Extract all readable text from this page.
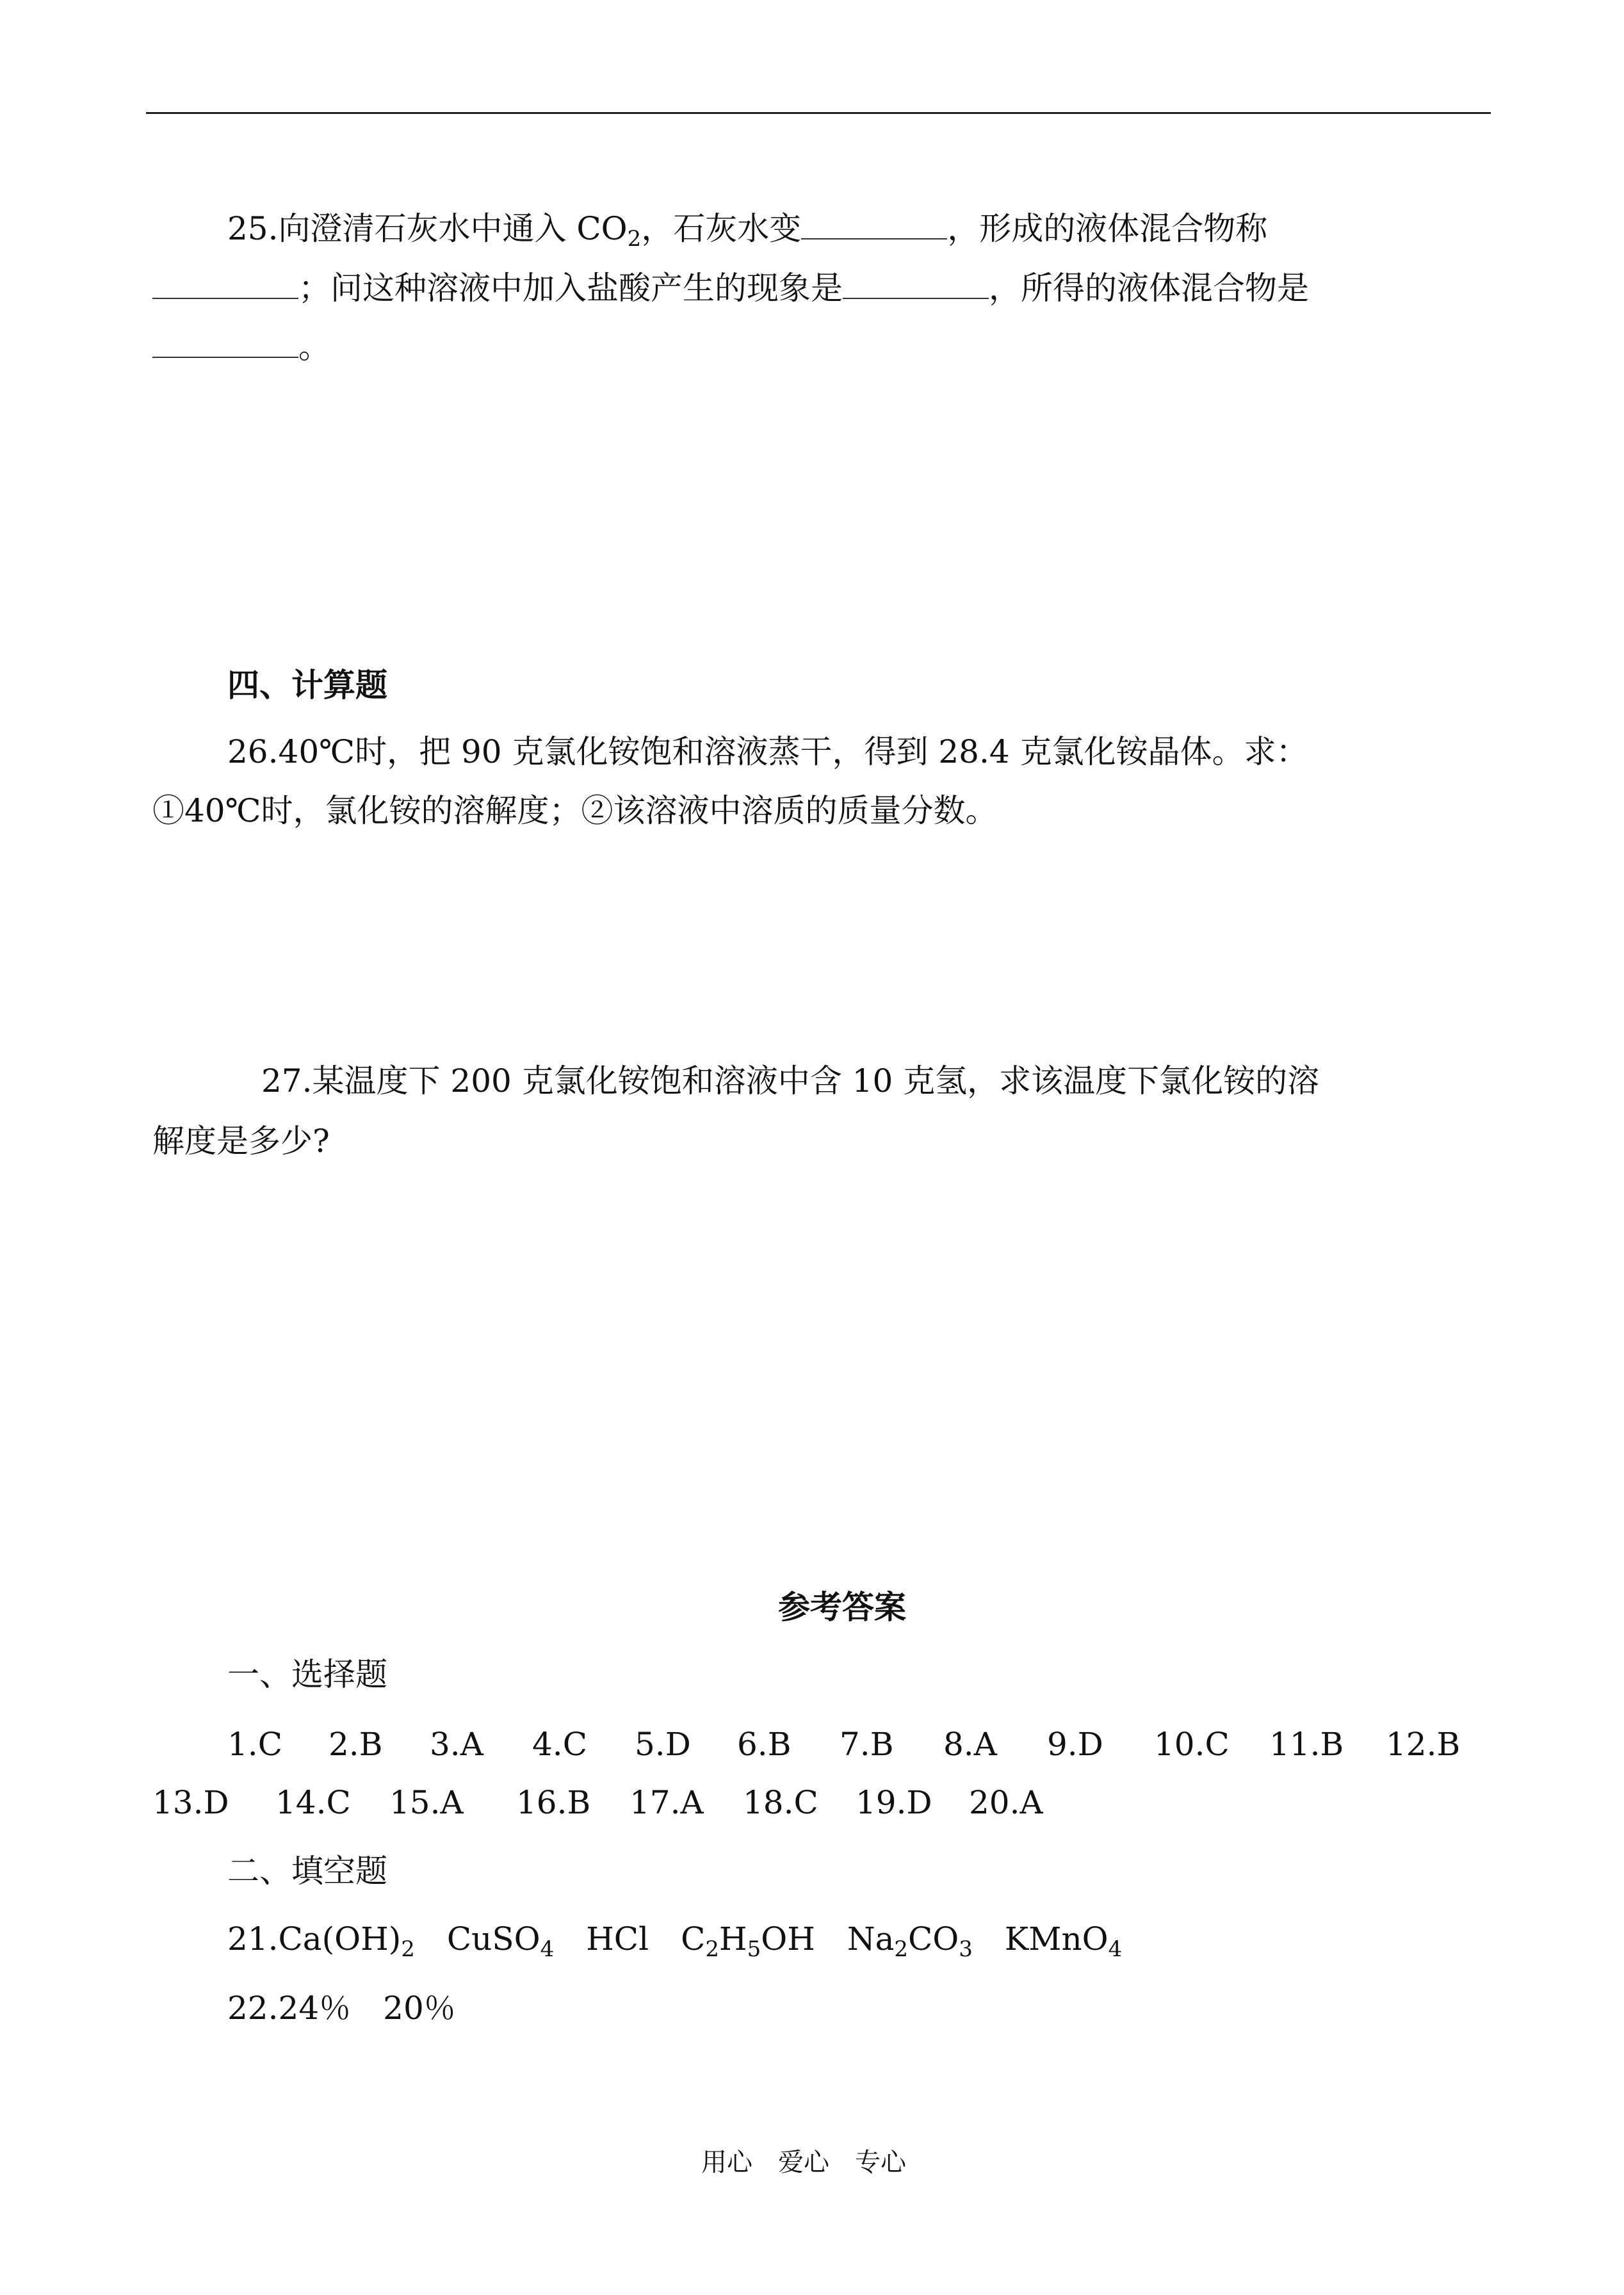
25.向澄清石灰水中通入 $CO_2$，石灰水变	，形成的液体混合物称
；问这种溶液中加入盐酸产生的现象是	，所得的液体混合物是
。
四、计算题
26.40℃时，把 90 克氯化铵饱和溶液蒸干，得到 28.4 克氯化铵晶体。求：
①40℃时，氯化铵的溶解度；②该溶液中溶质的质量分数。
27.某温度下 200 克氯化铵饱和溶液中含 10 克氢，求该温度下氯化铵的溶
解度是多少?
参考答案
一、选择题
1.C 2.B 3.A 4.C 5.D 6.B 7.B 8.A 9.D 10.C 11.B 12.B
13.D 14.C 15.A 16.B 17.A 18.C 19.D 20.A
二、填空题
$21.Ca(OH)_2$  CuSO$_4$  HCl  $C_2H_5OH$  $Na_2CO_3$  KMnO$_4$
22.24％　20％
用心　爱心　专心
